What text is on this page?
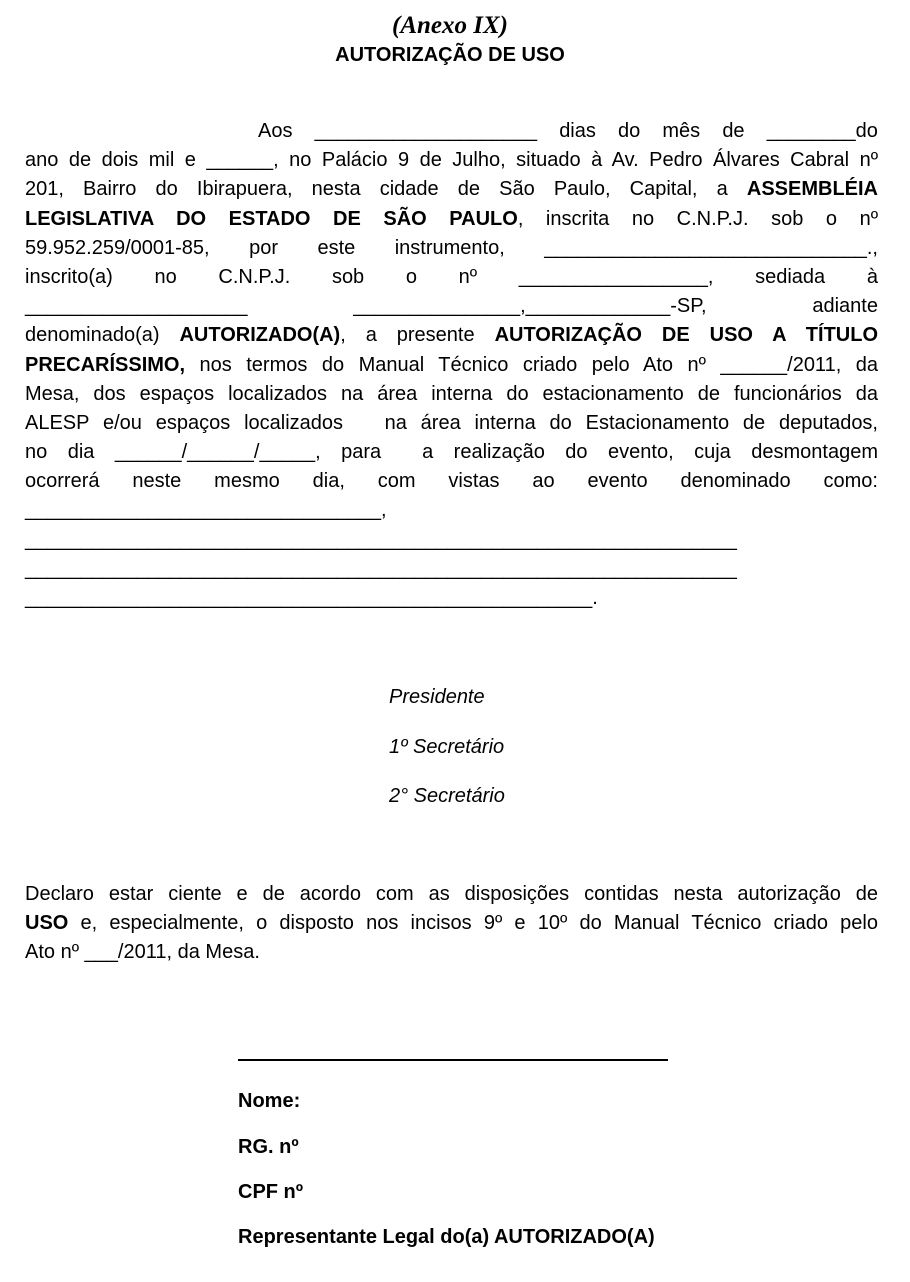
(Anexo IX)
AUTORIZAÇÃO DE USO
Aos ____________________ dias do mês de ________do
ano de dois mil e ______, no Palácio 9 de Julho, situado à Av. Pedro Álvares Cabral nº
201, Bairro do Ibirapuera, nesta cidade de São Paulo, Capital, a ASSEMBLÉIA
LEGISLATIVA DO ESTADO DE SÃO PAULO, inscrita no C.N.P.J. sob o nº
59.952.259/0001-85, por este instrumento, _____________________________.,
inscrito(a) no C.N.P.J. sob o nº _________________, sediada à
____________________	_______________,_____________-SP,	adiante
denominado(a) AUTORIZADO(A), a presente AUTORIZAÇÃO DE USO A TÍTULO
PRECARÍSSIMO, nos termos do Manual Técnico criado pelo Ato nº ______/2011, da
Mesa, dos espaços localizados na área interna do estacionamento de funcionários da
ALESP e/ou espaços localizados   na área interna do Estacionamento de deputados,
no dia ______/______/_____, para  a realização do evento, cuja desmontagem
ocorrerá neste mesmo dia, com vistas ao evento denominado como:
________________________________,
________________________________________________________________
________________________________________________________________
___________________________________________________.
Presidente
1º Secretário
2° Secretário
Declaro estar ciente e de acordo com as disposições contidas nesta autorização de
USO e, especialmente, o disposto nos incisos 9º e 10º do Manual Técnico criado pelo
Ato nº ___/2011, da Mesa.
Nome:
RG. nº
CPF nº
Representante Legal do(a) AUTORIZADO(A)
